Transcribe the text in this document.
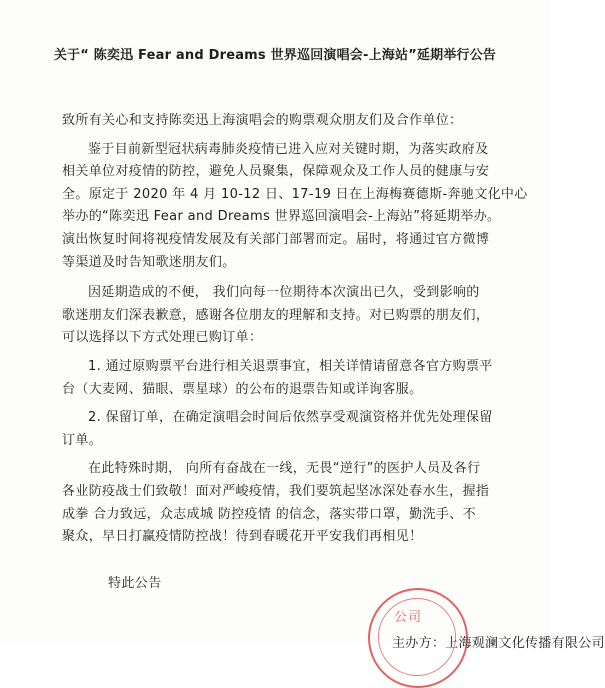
关于“ 陈奕迅 Fear and Dreams 世界巡回演唱会-上海站”延期举行公告

致所有关心和支持陈奕迅上海演唱会的购票观众朋友们及合作单位：

鉴于目前新型冠状病毒肺炎疫情已进入应对关键时期，为落实政府及

相关单位对疫情的防控，避免人员聚集，保障观众及工作人员的健康与安

全。原定于 2020 年 4 月 10-12 日、17-19 日在上海梅赛德斯-奔驰文化中心

举办的“陈奕迅 Fear and Dreams 世界巡回演唱会-上海站”将延期举办。

演出恢复时间将视疫情发展及有关部门部署而定。届时，将通过官方微博

等渠道及时告知歌迷朋友们。

因延期造成的不便， 我们向每一位期待本次演出已久，受到影响的

歌迷朋友们深表歉意，感谢各位朋友的理解和支持。对已购票的朋友们，

可以选择以下方式处理已购订单：

1. 通过原购票平台进行相关退票事宜，相关详情请留意各官方购票平

台（大麦网、猫眼、票星球）的公布的退票告知或详询客服。

2. 保留订单，在确定演唱会时间后依然享受观演资格并优先处理保留

订单。

在此特殊时期， 向所有奋战在一线，无畏“逆行”的医护人员及各行

各业防疫战士们致敬！面对严峻疫情，我们要筑起坚冰深处春水生，握指

成拳 合力致远，众志成城 防控疫情 的信念，落实带口罩，勤洗手、不

聚众，早日打赢疫情防控战！待到春暖花开平安我们再相见！

特此公告
公司
主办方：上海观澜文化传播有限公司
